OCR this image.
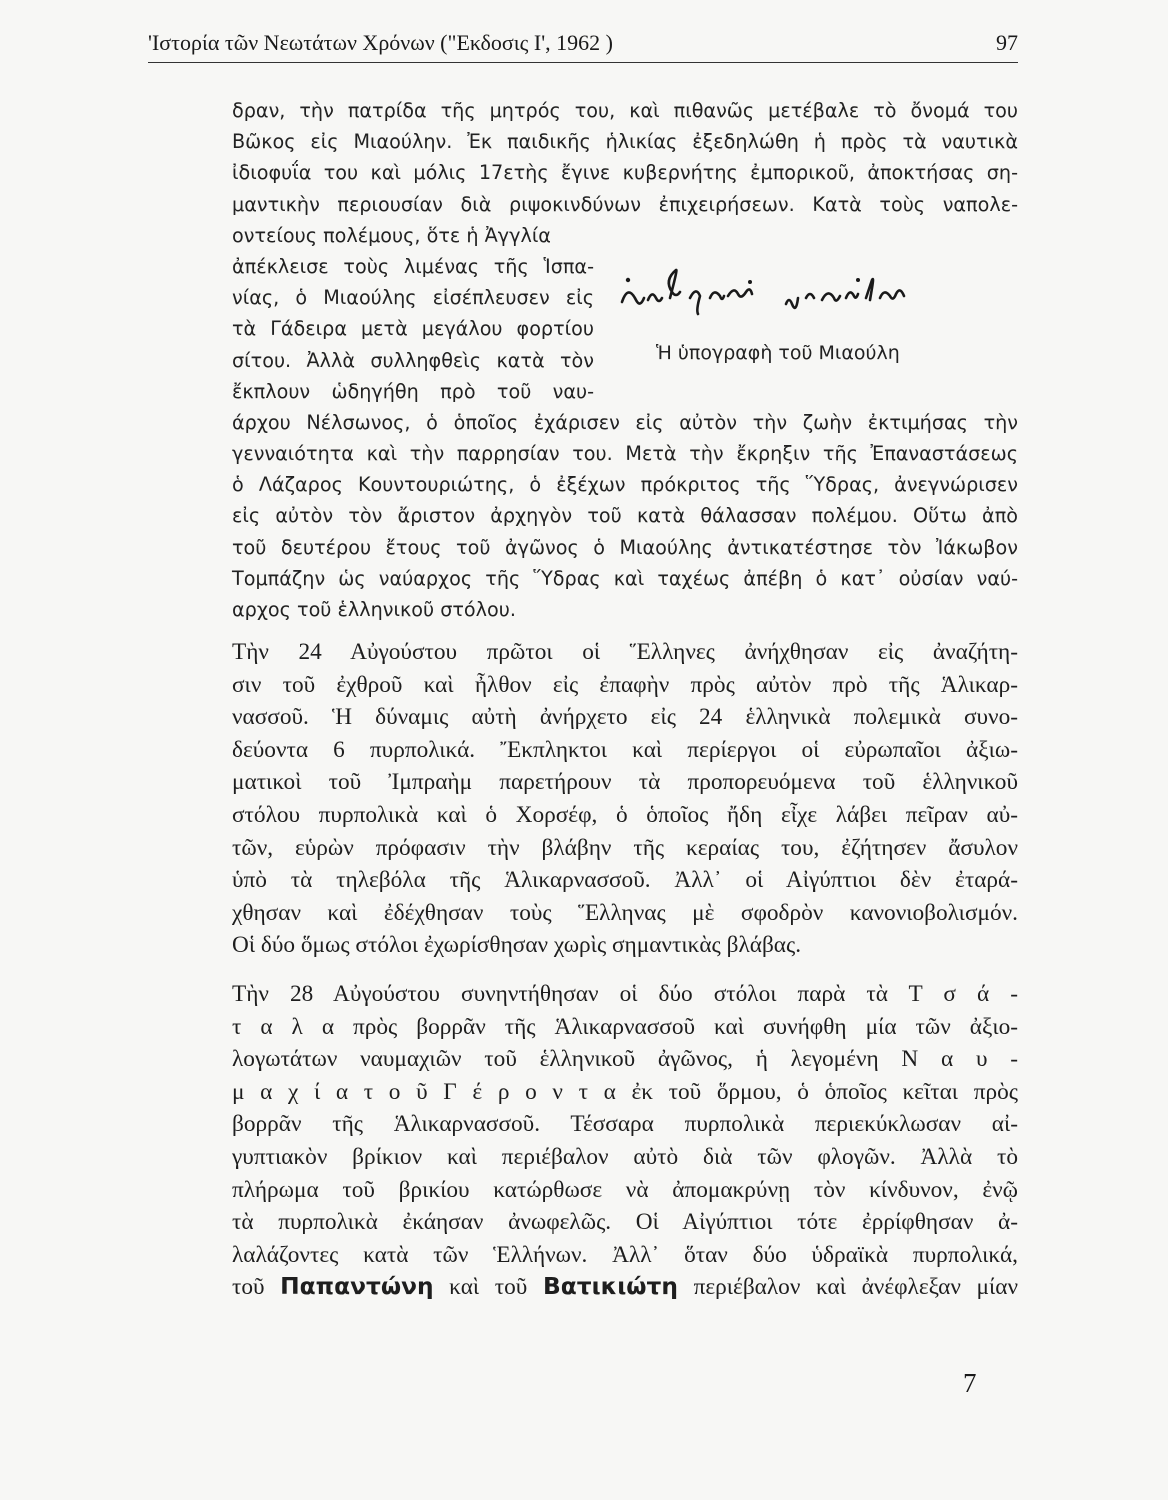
'Ιστορία τῶν Νεωτάτων Χρόνων ("Εκδοσις Ι', 1962 )	97
δραν, τὴν πατρίδα τῆς μητρός του, καὶ πιθανῶς μετέβαλε τὸ ὄνομά του
Βῶκος εἰς Μιαούλην. Ἐκ παιδικῆς ἡλικίας ἐξεδηλώθη ἡ πρὸς τὰ ναυτικὰ
ἰδιοφυΐα του καὶ μόλις 17ετὴς ἔγινε κυβερνήτης ἐμπορικοῦ, ἀποκτήσας ση-
μαντικὴν περιουσίαν διὰ ριψοκινδύνων ἐπιχειρήσεων. Κατὰ τοὺς ναπολε-
οντείους πολέμους, ὅτε ἡ Ἀγγλία
ἀπέκλεισε τοὺς λιμένας τῆς Ἱσπα-
νίας, ὁ Μιαούλης εἰσέπλευσεν εἰς
τὰ Γάδειρα μετὰ μεγάλου φορτίου
σίτου. Ἀλλὰ συλληφθεὶς κατὰ τὸν
ἔκπλουν ὡδηγήθη πρὸ τοῦ ναυ-
άρχου Νέλσωνος, ὁ ὁποῖος ἐχάρισεν εἰς αὐτὸν τὴν ζωὴν ἐκτιμήσας τὴν
γενναιότητα καὶ τὴν παρρησίαν του. Μετὰ τὴν ἔκρηξιν τῆς Ἐπαναστάσεως
ὁ Λάζαρος Κουντουριώτης, ὁ ἐξέχων πρόκριτος τῆς Ὕδρας, ἀνεγνώρισεν
εἰς αὐτὸν τὸν ἄριστον ἀρχηγὸν τοῦ κατὰ θάλασσαν πολέμου. Οὕτω ἀπὸ
τοῦ δευτέρου ἔτους τοῦ ἀγῶνος ὁ Μιαούλης ἀντικατέστησε τὸν Ἰάκωβον
Τομπάζην ὡς ναύαρχος τῆς Ὕδρας καὶ ταχέως ἀπέβη ὁ κατ᾽ οὐσίαν ναύ-
αρχος τοῦ ἑλληνικοῦ στόλου.
Ἡ ὑπογραφὴ τοῦ Μιαούλη
Τὴν 24 Αὐγούστου πρῶτοι οἱ Ἕλληνες ἀνήχθησαν εἰς ἀναζήτη-
σιν τοῦ ἐχθροῦ καὶ ἦλθον εἰς ἐπαφὴν πρὸς αὐτὸν πρὸ τῆς Ἁλικαρ-
νασσοῦ. Ἡ δύναμις αὐτὴ ἀνήρχετο εἰς 24 ἑλληνικὰ πολεμικὰ συνο-
δεύοντα 6 πυρπολικά. Ἔκπληκτοι καὶ περίεργοι οἱ εὐρωπαῖοι ἀξιω-
ματικοὶ τοῦ Ἰμπραὴμ παρετήρουν τὰ προπορευόμενα τοῦ ἑλληνικοῦ
στόλου πυρπολικὰ καὶ ὁ Χορσέφ, ὁ ὁποῖος ἤδη εἶχε λάβει πεῖραν αὐ-
τῶν, εὑρὼν πρόφασιν τὴν βλάβην τῆς κεραίας του, ἐζήτησεν ἄσυλον
ὑπὸ τὰ τηλεβόλα τῆς Ἁλικαρνασσοῦ. Ἀλλ᾽ οἱ Αἰγύπτιοι δὲν ἐταρά-
χθησαν καὶ ἐδέχθησαν τοὺς Ἕλληνας μὲ σφοδρὸν κανονιοβολισμόν.
Οἱ δύο ὅμως στόλοι ἐχωρίσθησαν χωρὶς σημαντικὰς βλάβας.
Τὴν 28 Αὐγούστου συνηντήθησαν οἱ δύο στόλοι παρὰ τὰ Τ σ ά -
τ α λ α πρὸς βορρᾶν τῆς Ἁλικαρνασσοῦ καὶ συνήφθη μία τῶν ἀξιο-
λογωτάτων ναυμαχιῶν τοῦ ἑλληνικοῦ ἀγῶνος, ἡ λεγομένη Ν α υ -
μ α χ ί α τ ο ῦ Γ έ ρ ο ν τ α ἐκ τοῦ ὅρμου, ὁ ὁποῖος κεῖται πρὸς
βορρᾶν τῆς Ἁλικαρνασσοῦ. Τέσσαρα πυρπολικὰ περιεκύκλωσαν αἰ-
γυπτιακὸν βρίκιον καὶ περιέβαλον αὐτὸ διὰ τῶν φλογῶν. Ἀλλὰ τὸ
πλήρωμα τοῦ βρικίου κατώρθωσε νὰ ἀπομακρύνῃ τὸν κίνδυνον, ἐνῷ
τὰ πυρπολικὰ ἐκάησαν ἀνωφελῶς. Οἱ Αἰγύπτιοι τότε ἐρρίφθησαν ἀ-
λαλάζοντες κατὰ τῶν Ἑλλήνων. Ἀλλ᾽ ὅταν δύο ὑδραϊκὰ πυρπολικά,
τοῦ Παπαντώνη καὶ τοῦ Βατικιώτη περιέβαλον καὶ ἀνέφλεξαν μίαν
7
